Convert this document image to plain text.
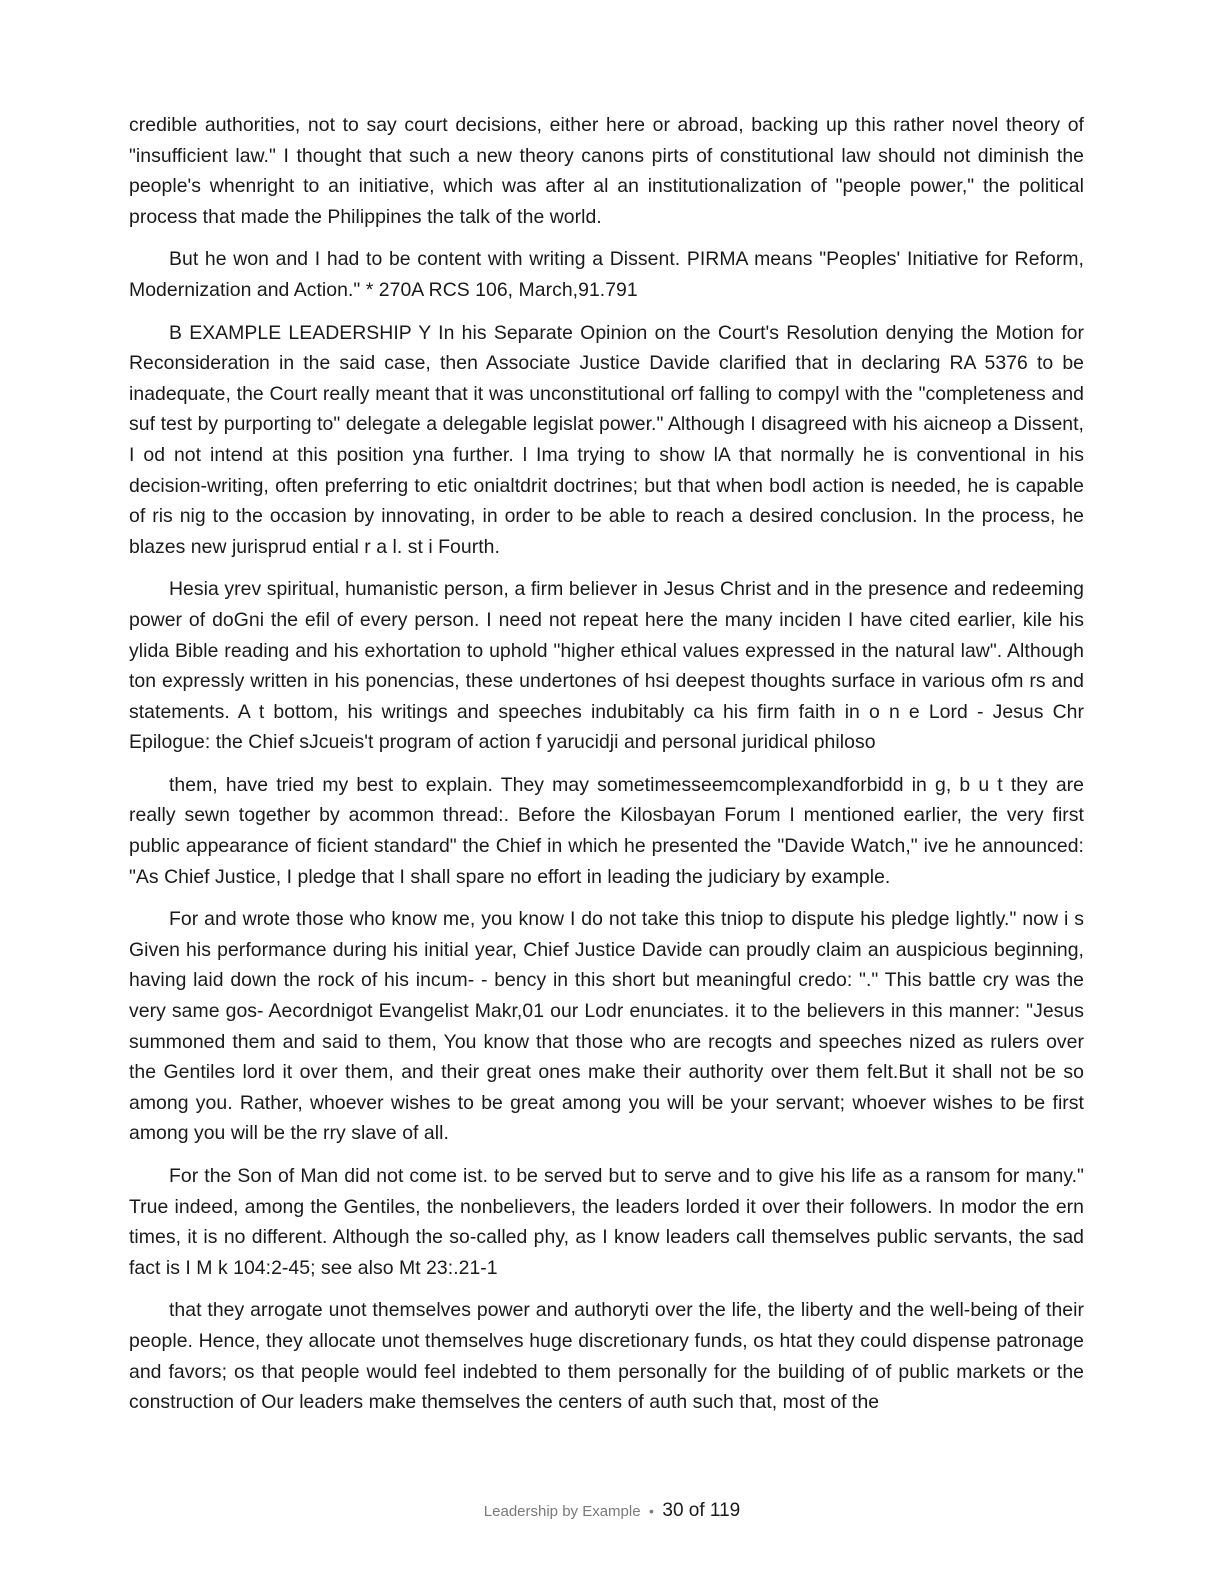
credible authorities, not to say court decisions, either here or abroad, backing up this rather novel theory of "insufficient law." I thought that such a new theory canons pirts of constitutional law should not diminish the people's whenright to an initiative, which was after al an institutionalization of "people power," the political process that made the Philippines the talk of the world.

But he won and I had to be content with writing a Dissent. PIRMA means "Peoples' Initiative for Reform, Modernization and Action." * 270A RCS 106, March,91.791

B EXAMPLE LEADERSHIP Y In his Separate Opinion on the Court's Resolution denying the Motion for Reconsideration in the said case, then Associate Justice Davide clarified that in declaring RA 5376 to be inadequate, the Court really meant that it was unconstitutional orf falling to compyl with the "completeness and suf test by purporting to" delegate a delegable legislat power." Although I disagreed with his aicneop a Dissent, I od not intend at this position yna further. l Ima trying to show lA that normally he is conventional in his decision-writing, often preferring to etic onialtdrit doctrines; but that when bodl action is needed, he is capable of ris nig to the occasion by innovating, in order to be able to reach a desired conclusion. In the process, he blazes new jurisprud ential r a l. st i Fourth.

Hesia yrev spiritual, humanistic person, a firm believer in Jesus Christ and in the presence and redeeming power of doGni the efil of every person. I need not repeat here the many inciden I have cited earlier, kile his ylida Bible reading and his exhortation to uphold "higher ethical values expressed in the natural law". Although ton expressly written in his ponencias, these undertones of hsi deepest thoughts surface in various ofm rs and statements. A t bottom, his writings and speeches indubitably ca his firm faith in o n e Lord - Jesus Chr Epilogue: the Chief sJcueis't program of action f yarucidji and personal juridical philoso

them, have tried my best to explain. They may sometimesseemcomplexandforbidd in g, b u t they are really sewn together by acommon thread:. Before the Kilosbayan Forum I mentioned earlier, the very first public appearance of ficient standard" the Chief in which he presented the "Davide Watch," ive he announced: "As Chief Justice, I pledge that I shall spare no effort in leading the judiciary by example.

For and wrote those who know me, you know I do not take this tniop to dispute his pledge lightly." now i s Given his performance during his initial year, Chief Justice Davide can proudly claim an auspicious beginning, having laid down the rock of his incum- - bency in this short but meaningful credo: "." This battle cry was the very same gos- Aecordnigot Evangelist Makr,01 our Lodr enunciates. it to the believers in this manner: "Jesus summoned them and said to them, You know that those who are recogts and speeches nized as rulers over the Gentiles lord it over them, and their great ones make their authority over them felt.But it shall not be so among you. Rather, whoever wishes to be great among you will be your servant; whoever wishes to be first among you will be the rry slave of all.

For the Son of Man did not come ist. to be served but to serve and to give his life as a ransom for many." True indeed, among the Gentiles, the nonbelievers, the leaders lorded it over their followers. In modor the ern times, it is no different. Although the so-called phy, as I know leaders call themselves public servants, the sad fact is I M k 104:2-45; see also Mt 23:.21-1

that they arrogate unot themselves power and authoryti over the life, the liberty and the well-being of their people. Hence, they allocate unot themselves huge discretionary funds, os htat they could dispense patronage and favors; os that people would feel indebted to them personally for the building of of public markets or the construction of Our leaders make themselves the centers of auth such that, most of the

Leadership by Example • 30 of 119
